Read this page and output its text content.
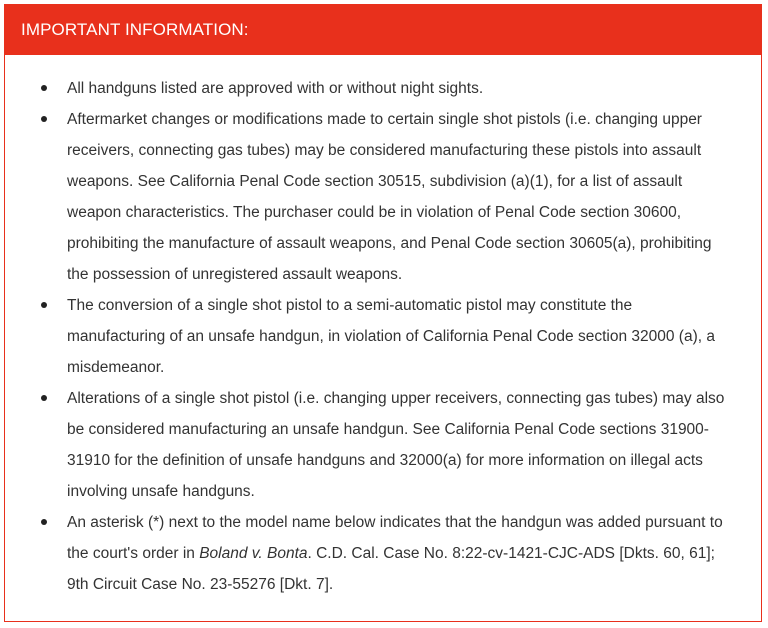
IMPORTANT INFORMATION:
All handguns listed are approved with or without night sights.
Aftermarket changes or modifications made to certain single shot pistols (i.e. changing upper receivers, connecting gas tubes) may be considered manufacturing these pistols into assault weapons. See California Penal Code section 30515, subdivision (a)(1), for a list of assault weapon characteristics. The purchaser could be in violation of Penal Code section 30600, prohibiting the manufacture of assault weapons, and Penal Code section 30605(a), prohibiting the possession of unregistered assault weapons.
The conversion of a single shot pistol to a semi-automatic pistol may constitute the manufacturing of an unsafe handgun, in violation of California Penal Code section 32000 (a), a misdemeanor.
Alterations of a single shot pistol (i.e. changing upper receivers, connecting gas tubes) may also be considered manufacturing an unsafe handgun. See California Penal Code sections 31900-31910 for the definition of unsafe handguns and 32000(a) for more information on illegal acts involving unsafe handguns.
An asterisk (*) next to the model name below indicates that the handgun was added pursuant to the court's order in Boland v. Bonta. C.D. Cal. Case No. 8:22-cv-1421-CJC-ADS [Dkts. 60, 61]; 9th Circuit Case No. 23-55276 [Dkt. 7].
